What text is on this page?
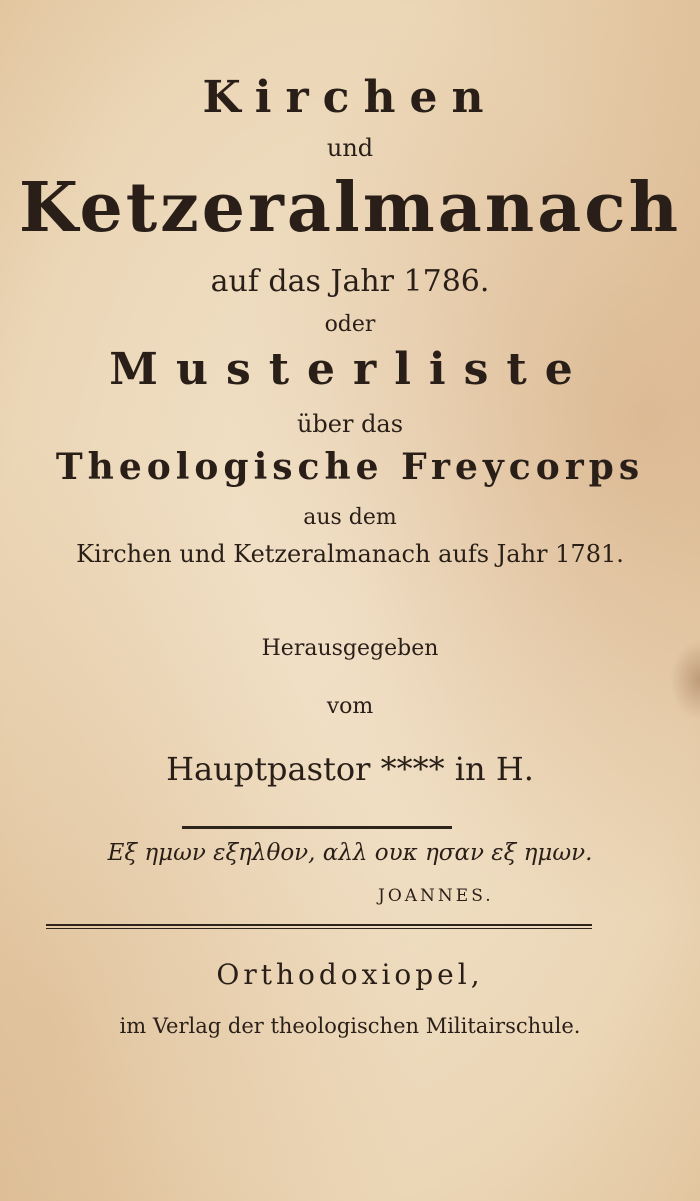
Kirchen
und
Ketzeralmanach
auf das Jahr 1786.
oder
Musterliste
über das
Theologische Freycorps
aus dem
Kirchen und Ketzeralmanach aufs Jahr 1781.
Herausgegeben
vom
Hauptpastor **** in H.
Εξ ημων εξηλθον, αλλ ουκ ησαν εξ ημων.
JOANNES.
Orthodoxiopel,
im Verlag der theologischen Militairschule.
